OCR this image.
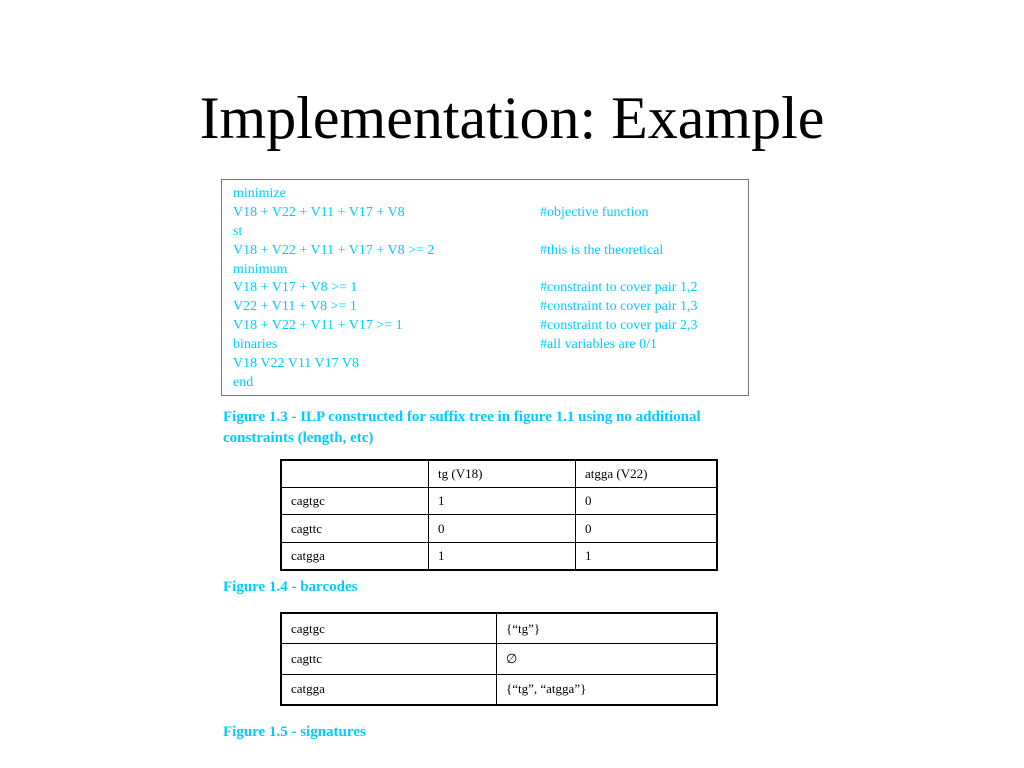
Implementation: Example
minimize
V18 + V22 + V11 + V17 + V8	#objective function
st
V18 + V22 + V11 + V17 + V8 >= 2	#this is the theoretical
minimum
V18 + V17 + V8 >= 1	#constraint to cover pair 1,2
V22 + V11 + V8 >= 1	#constraint to cover pair 1,3
V18 + V22 + V11 + V17 >= 1	#constraint to cover pair 2,3
binaries	#all variables are 0/1
V18 V22 V11 V17 V8
end
Figure 1.3 - ILP constructed for suffix tree in figure 1.1 using no additional
constraints (length, etc)
	tg (V18)	atgga (V22)
cagtgc	1	0
cagttc	0	0
catgga	1	1
Figure 1.4 - barcodes
cagtgc	{“tg”}
cagttc	∅
catgga	{“tg”, “atgga”}
Figure 1.5 - signatures
